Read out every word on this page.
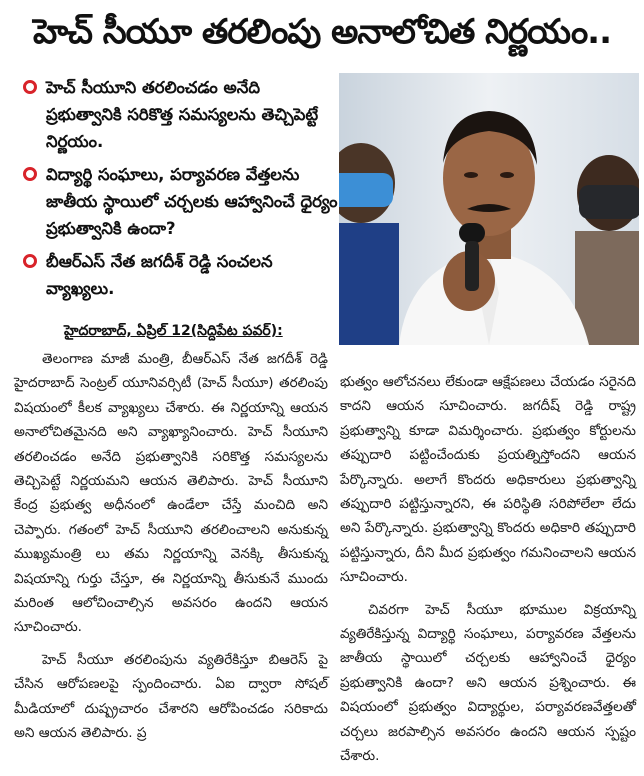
హెచ్ సీయూ తరలింపు అనాలోచిత నిర్ణయం..
హెచ్ సీయూని తరలించడం అనేది ప్రభుత్వానికి సరికొత్త సమస్యలను తెచ్చిపెట్టే నిర్ణయం.
విద్యార్థి సంఘాలు, పర్యావరణ వేత్తలను జాతీయ స్థాయిలో చర్చలకు ఆహ్వానించే ధైర్యం ప్రభుత్వానికి ఉందా?
బీఆర్ఎస్ నేత జగదీశ్ రెడ్డి సంచలన వ్యాఖ్యలు.
హైదరాబాద్, ఏప్రిల్ 12(సిద్దిపేట పవర్):

తెలంగాణ మాజీ మంత్రి, బీఆర్ఎస్ నేత జగదీశ్ రెడ్డి హైదరాబాద్ సెంట్రల్ యూనివర్సిటీ (హెచ్ సీయూ) తరలింపు విషయంలో కీలక వ్యాఖ్యలు చేశారు. ఈ నిర్ణయాన్ని ఆయన అనాలోచితమైనది అని వ్యాఖ్యానించారు. హెచ్ సీయూని తరలించడం అనేది ప్రభుత్వానికి సరికొత్త సమస్యలను తెచ్చిపెట్టే నిర్ణయమని ఆయన తెలిపారు. హెచ్ సీయూని కేంద్ర ప్రభుత్వ అధీనంలో ఉండేలా చేస్తే మంచిది అని చెప్పారు. గతంలో హెచ్ సీయూని తరలించాలని అనుకున్న ముఖ్యమంత్రి లు తమ నిర్ణయాన్ని వెనక్కి తీసుకున్న విషయాన్ని గుర్తు చేస్తూ, ఈ నిర్ణయాన్ని తీసుకునే ముందు మరింత ఆలోచించాల్సిన అవసరం ఉందని ఆయన సూచించారు.

హెచ్ సీయూ తరలింపును వ్యతిరేకిస్తూ బిఆరెస్ పై చేసిన ఆరోపణలపై స్పందించారు. ఏఐ ద్వారా సోషల్ మీడియాలో దుష్ప్రచారం చేశారని ఆరోపించడం సరికాదు అని ఆయన తెలిపారు. ప్ర

భుత్వం ఆలోచనలు లేకుండా ఆక్షేపణలు చేయడం సరైనది కాదని ఆయన సూచించారు. జగదీష్ రెడ్డి రాష్ట్ర ప్రభుత్వాన్ని కూడా విమర్శించారు. ప్రభుత్వం కోర్టులను తప్పుదారి పట్టించేందుకు ప్రయత్నిస్తోందని ఆయన పేర్కొన్నారు. అలాగే కొందరు అధికారులు ప్రభుత్వాన్ని తప్పుదారి పట్టిస్తున్నారని, ఈ పరిస్థితి సరిపోలేలా లేదు అని పేర్కొన్నారు. ప్రభుత్వాన్ని కొందరు అధికారి తప్పుదారి పట్టిస్తున్నారు, దీని మీద ప్రభుత్వం గమనించాలని ఆయన సూచించారు.

చివరగా హెచ్ సీయూ భూముల విక్రయాన్ని వ్యతిరేకిస్తున్న విద్యార్థి సంఘాలు, పర్యావరణ వేత్తలను జాతీయ స్థాయిలో చర్చలకు ఆహ్వానించే ధైర్యం ప్రభుత్వానికి ఉందా? అని ఆయన ప్రశ్నించారు. ఈ విషయంలో ప్రభుత్వం విద్యార్థుల, పర్యావరణవేత్తలతో చర్చలు జరపాల్సిన అవసరం ఉందని ఆయన స్పష్టం చేశారు.
